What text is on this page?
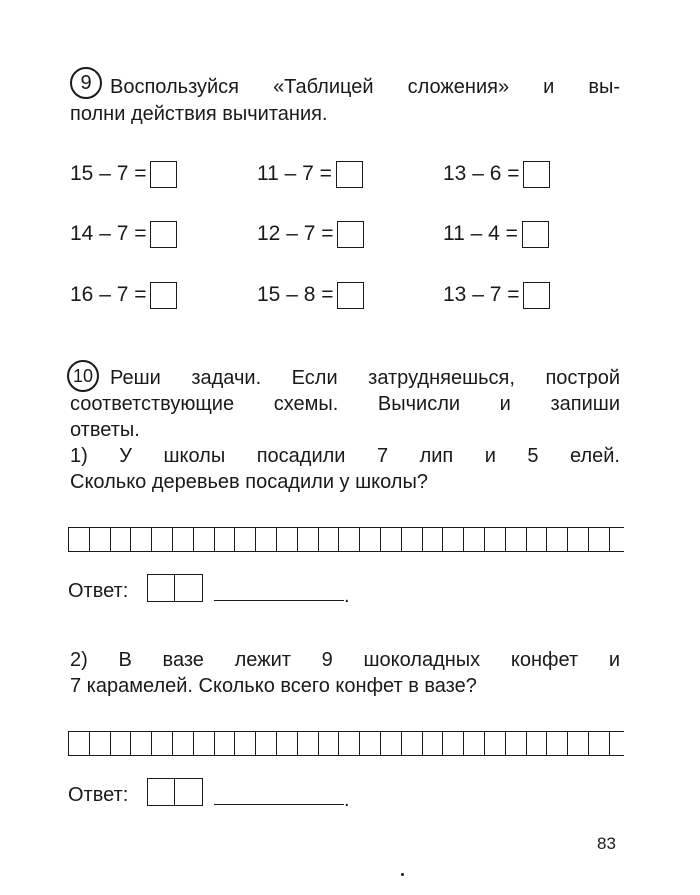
9 Воспользуйся «Таблицей сложения» и вы-
полни действия вычитания.
15 – 7 =	11 – 7 =	13 – 6 =
14 – 7 =	12 – 7 =	11 – 4 =
16 – 7 =	15 – 8 =	13 – 7 =
10 Реши задачи. Если затрудняешься, построй
соответствующие схемы. Вычисли и запиши
ответы.
1) У школы посадили 7 лип и 5 елей.
Сколько деревьев посадили у школы?
Ответ:	.
2) В вазе лежит 9 шоколадных конфет и
7 карамелей. Сколько всего конфет в вазе?
Ответ:	.
83
